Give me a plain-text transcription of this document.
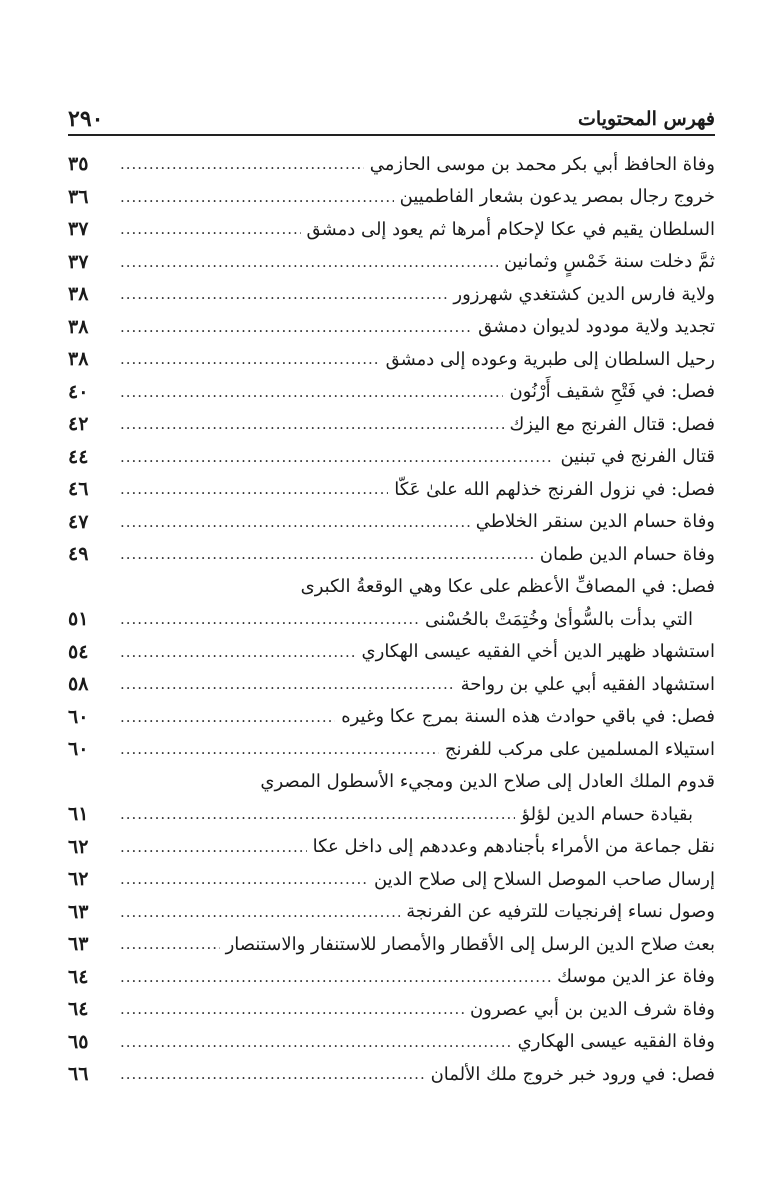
فهرس المحتويات
٢٩٠
وفاة الحافظ أبي بكر محمد بن موسى الحازمي
.....
٣٥
خروج رجال بمصر يدعون بشعار الفاطميين
.....
٣٦
السلطان يقيم في عكا لإحكام أمرها ثم يعود إلى دمشق
.....
٣٧
ثمَّ دخلت سنة خَمْسٍ وثمانين
.....
٣٧
ولاية فارس الدين كشتغدي شهرزور
.....
٣٨
تجديد ولاية مودود لديوان دمشق
.....
٣٨
رحيل السلطان إلى طبرية وعوده إلى دمشق
.....
٣٨
فصل: في فَتْحِ شقيف أَرْنُون
.....
٤٠
فصل: قتال الفرنج مع اليزك
.....
٤٢
قتال الفرنج في تبنين
.....
٤٤
فصل: في نزول الفرنج خذلهم الله علىٰ عَكّا
.....
٤٦
وفاة حسام الدين سنقر الخلاطي
.....
٤٧
وفاة حسام الدين طمان
.....
٤٩
فصل: في المصافِّ الأعظم على عكا وهي الوقعةُ الكبرى
التي بدأت بالسُّوأىٰ وخُتِمَتْ بالحُسْنى
.....
٥١
استشهاد ظهير الدين أخي الفقيه عيسى الهكاري
.....
٥٤
استشهاد الفقيه أبي علي بن رواحة
.....
٥٨
فصل: في باقي حوادث هذه السنة بمرج عكا وغيره
.....
٦٠
استيلاء المسلمين على مركب للفرنج
.....
٦٠
قدوم الملك العادل إلى صلاح الدين ومجيء الأسطول المصري
بقيادة حسام الدين لؤلؤ
.....
٦١
نقل جماعة من الأمراء بأجنادهم وعددهم إلى داخل عكا
.....
٦٢
إرسال صاحب الموصل السلاح إلى صلاح الدين
.....
٦٢
وصول نساء إفرنجيات للترفيه عن الفرنجة
.....
٦٣
بعث صلاح الدين الرسل إلى الأقطار والأمصار للاستنفار والاستنصار
.....
٦٣
وفاة عز الدين موسك
.....
٦٤
وفاة شرف الدين بن أبي عصرون
.....
٦٤
وفاة الفقيه عيسى الهكاري
.....
٦٥
فصل: في ورود خبر خروج ملك الألمان
.....
٦٦
